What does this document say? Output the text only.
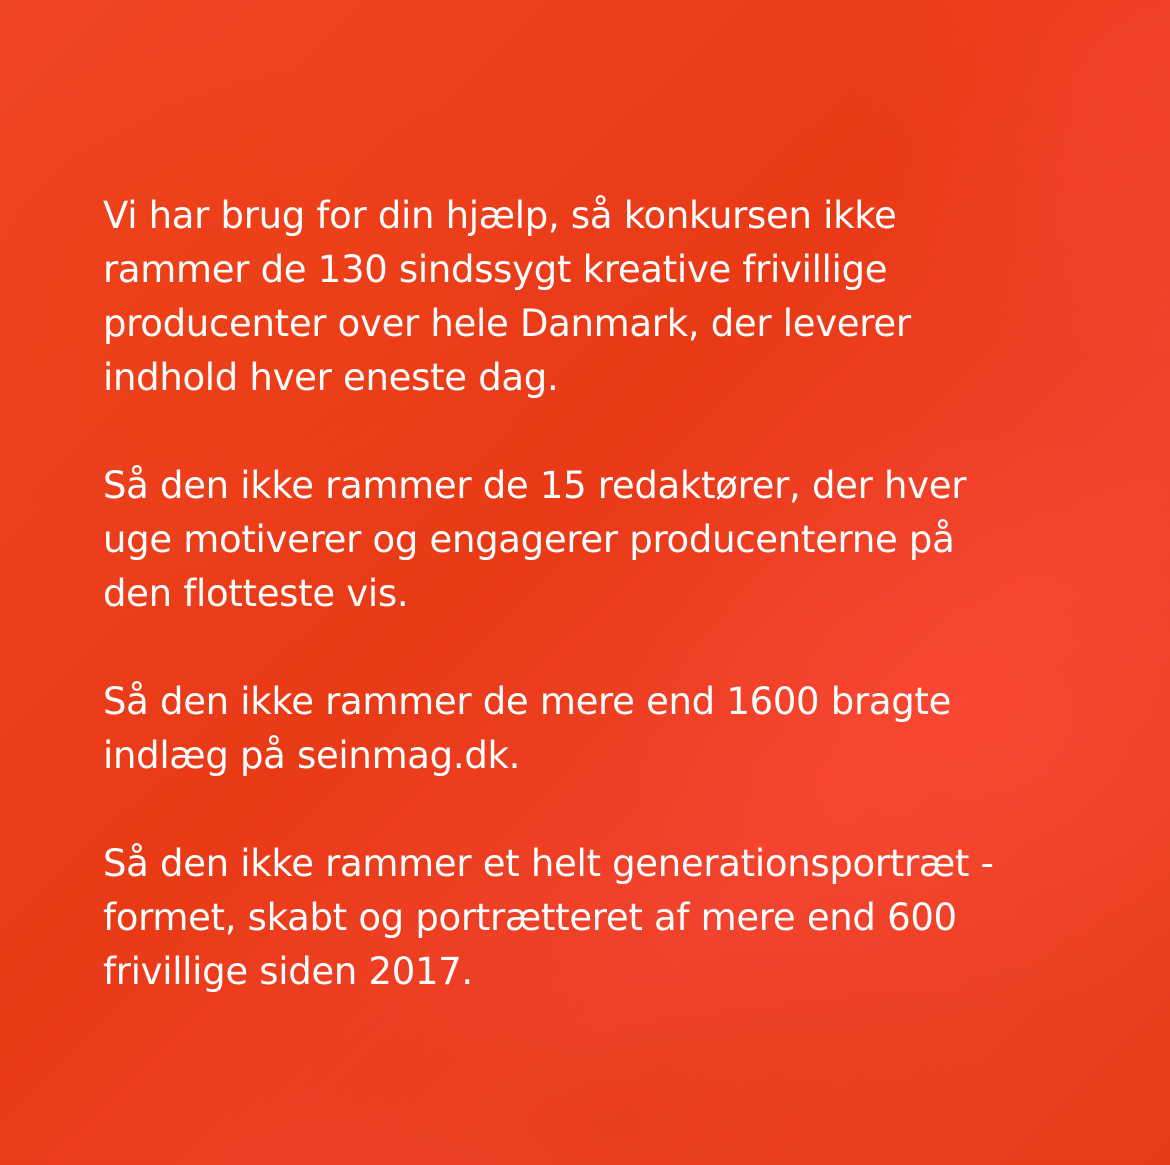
Vi har brug for din hjælp, så konkursen ikke
rammer de 130 sindssygt kreative frivillige
producenter over hele Danmark, der leverer
indhold hver eneste dag.

Så den ikke rammer de 15 redaktører, der hver
uge motiverer og engagerer producenterne på
den flotteste vis.

Så den ikke rammer de mere end 1600 bragte
indlæg på seinmag.dk.

Så den ikke rammer et helt generationsportræt -
formet, skabt og portrætteret af mere end 600
frivillige siden 2017.
